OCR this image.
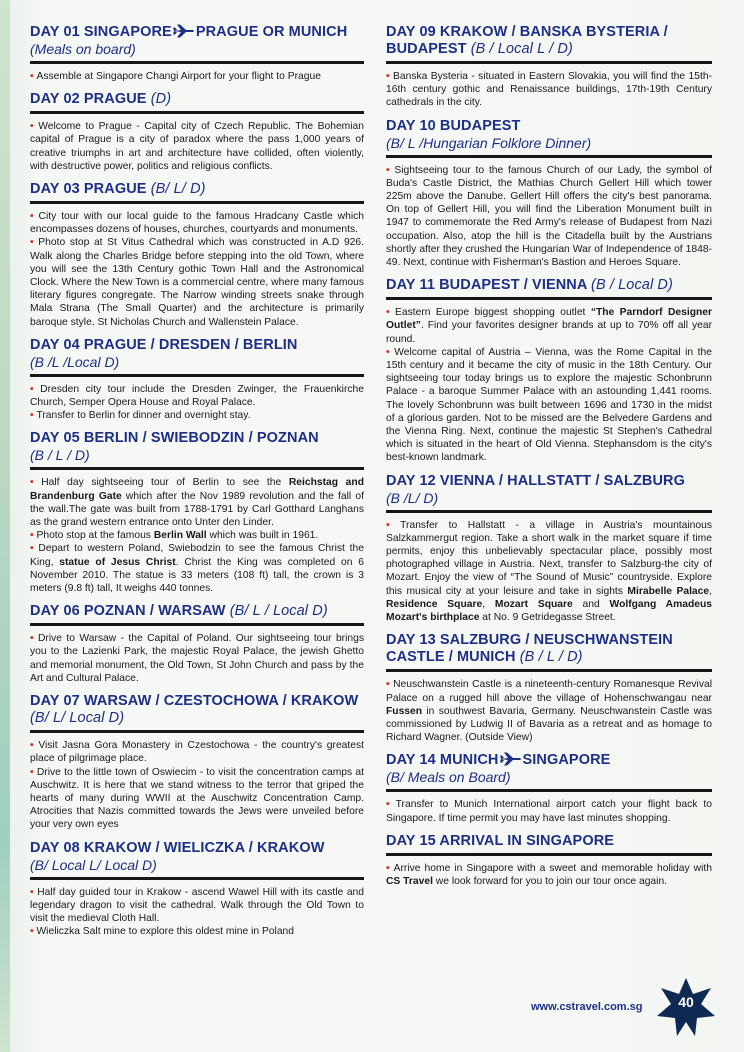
DAY 01 SINGAPORE PRAGUE OR MUNICH
(Meals on board)

• Assemble at Singapore Changi Airport for your flight to Prague

DAY 02 PRAGUE (D)

• Welcome to Prague - Capital city of Czech Republic. The Bohemian capital of Prague is a city of paradox where the pass 1,000 years of creative triumphs in art and architecture have collided, often violently, with destructive power, politics and religious conflicts.

DAY 03 PRAGUE (B/ L/ D)

• City tour with our local guide to the famous Hradcany Castle which encompasses dozens of houses, churches, courtyards and monuments.

• Photo stop at St Vitus Cathedral which was constructed in A.D 926. Walk along the Charles Bridge before stepping into the old Town, where you will see the 13th Century gothic Town Hall and the Astronomical Clock. Where the New Town is a commercial centre, where many famous literary figures congregate. The Narrow winding streets snake through Mala Strana (The Small Quarter) and the architecture is primarily baroque style. St Nicholas Church and Wallenstein Palace.

DAY 04 PRAGUE / DRESDEN / BERLIN
(B /L /Local D)

• Dresden city tour include the Dresden Zwinger, the Frauenkirche Church, Semper Opera House and Royal Palace.

• Transfer to Berlin for dinner and overnight stay.

DAY 05 BERLIN / SWIEBODZIN / POZNAN
(B / L / D)

• Half day sightseeing tour of Berlin to see the Reichstag and Brandenburg Gate which after the Nov 1989 revolution and the fall of the wall.The gate was built from 1788-1791 by Carl Gotthard Langhans as the grand western entrance onto Unter den Linder.

• Photo stop at the famous Berlin Wall which was built in 1961.

• Depart to western Poland, Swiebodzin to see the famous Christ the King, statue of Jesus Christ. Christ the King was completed on 6 November 2010. The statue is 33 meters (108 ft) tall, the crown is 3 meters (9.8 ft) tall, It weighs 440 tonnes.

DAY 06 POZNAN / WARSAW (B/ L / Local D)

• Drive to Warsaw - the Capital of Poland. Our sightseeing tour brings you to the Lazienki Park, the majestic Royal Palace, the jewish Ghetto and memorial monument, the Old Town, St John Church and pass by the Art and Cultural Palace.

DAY 07 WARSAW / CZESTOCHOWA / KRAKOW (B/ L/ Local D)

• Visit Jasna Gora Monastery in Czestochowa - the country's greatest place of pilgrimage place.

• Drive to the little town of Oswiecim - to visit the concentration camps at Auschwitz. It is here that we stand witness to the terror that griped the hearts of many during WWII at the Auschwitz Concentration Camp. Atrocities that Nazis committed towards the Jews were unveiled before your very own eyes

DAY 08 KRAKOW / WIELICZKA / KRAKOW
(B/ Local L/ Local D)

• Half day guided tour in Krakow - ascend Wawel Hill with its castle and legendary dragon to visit the cathedral. Walk through the Old Town to visit the medieval Cloth Hall.

• Wieliczka Salt mine to explore this oldest mine in Poland

DAY 09 KRAKOW / BANSKA BYSTERIA / BUDAPEST (B / Local L / D)

• Banska Bysteria - situated in Eastern Slovakia, you will find the 15th-16th century gothic and Renaissance buildings, 17th-19th Century cathedrals in the city.

DAY 10 BUDAPEST
(B/ L /Hungarian Folklore Dinner)

• Sightseeing tour to the famous Church of our Lady, the symbol of Buda's Castle District, the Mathias Church Gellert Hill which tower 225m above the Danube. Gellert Hill offers the city's best panorama. On top of Gellert Hill, you will find the Liberation Monument built in 1947 to commemorate the Red Army's release of Budapest from Nazi occupation. Also, atop the hill is the Citadella built by the Austrians shortly after they crushed the Hungarian War of Independence of 1848-49. Next, continue with Fisherman's Bastion and Heroes Square.

DAY 11 BUDAPEST / VIENNA (B / Local D)

• Eastern Europe biggest shopping outlet “The Parndorf Designer Outlet”. Find your favorites designer brands at up to 70% off all year round.

• Welcome capital of Austria – Vienna, was the Rome Capital in the 15th century and it became the city of music in the 18th Century. Our sightseeing tour today brings us to explore the majestic Schonbrunn Palace - a baroque Summer Palace with an astounding 1,441 rooms. The lovely Schonbrunn was built between 1696 and 1730 in the midst of a glorious garden. Not to be missed are the Belvedere Gardens and the Vienna Ring. Next, continue the majestic St Stephen's Cathedral which is situated in the heart of Old Vienna. Stephansdom is the city's best-known landmark.

DAY 12 VIENNA / HALLSTATT / SALZBURG
(B /L/ D)

• Transfer to Hallstatt - a village in Austria's mountainous Salzkammergut region. Take a short walk in the market square if time permits, enjoy this unbelievably spectacular place, possibly most photographed village in Austria. Next, transfer to Salzburg-the city of Mozart. Enjoy the view of “The Sound of Music” countryside. Explore this musical city at your leisure and take in sights Mirabelle Palace, Residence Square, Mozart Square and Wolfgang Amadeus Mozart's birthplace at No. 9 Getridegasse Street.

DAY 13 SALZBURG / NEUSCHWANSTEIN CASTLE / MUNICH (B / L / D)

• Neuschwanstein Castle is a nineteenth-century Romanesque Revival Palace on a rugged hill above the village of Hohenschwangau near Fussen in southwest Bavaria, Germany. Neuschwanstein Castle was commissioned by Ludwig II of Bavaria as a retreat and as homage to Richard Wagner. (Outside View)

DAY 14 MUNICH SINGAPORE
(B/ Meals on Board)

• Transfer to Munich International airport catch your flight back to Singapore. If time permit you may have last minutes shopping.

DAY 15 ARRIVAL IN SINGAPORE

• Arrive home in Singapore with a sweet and memorable holiday with CS Travel we look forward for you to join our tour once again.

www.cstravel.com.sg	40
